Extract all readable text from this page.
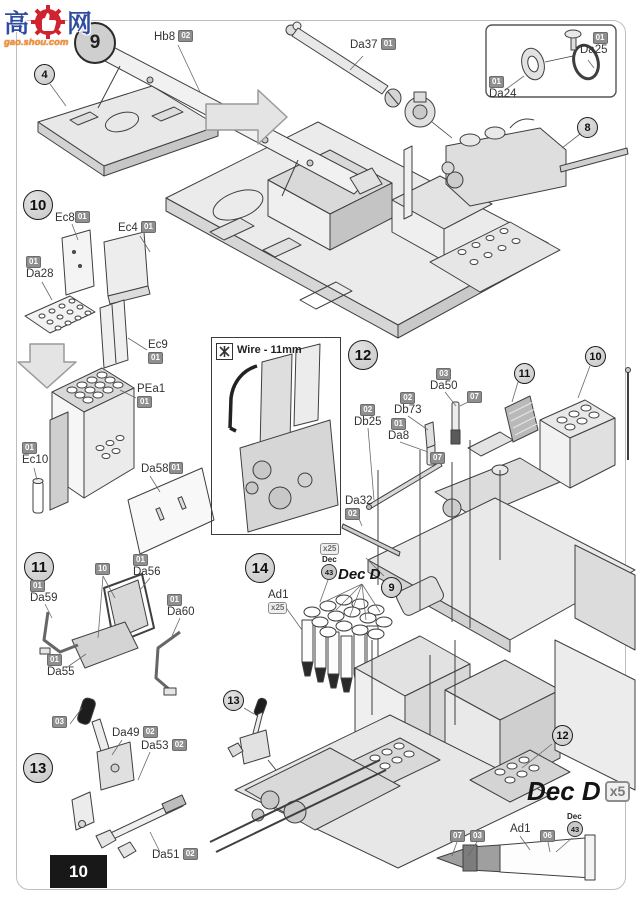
9
高 网
gao.shou.com
4
8
10
11
12
13
14
11
10
9
13
12
Hb8 02
Da37 01
01
Da25
01
Da24
Ec8 01
Ec4 01
01
Da28
Ec9
01
PEa1
01
01
Ec10
Da58 01
10
01
Da56
01
Da59	01
Da60
01
Da55
Wire - 11mm
03
Da50
02
Db73
02
Db25	01
Da8
07
07
Da32
02
x25
Dec
43 Dec D
Ad1
x25
03
Da49 02
Da53 02
Da51 02
Dec D x5
07	03
Ad1
06
Dec
43
10
